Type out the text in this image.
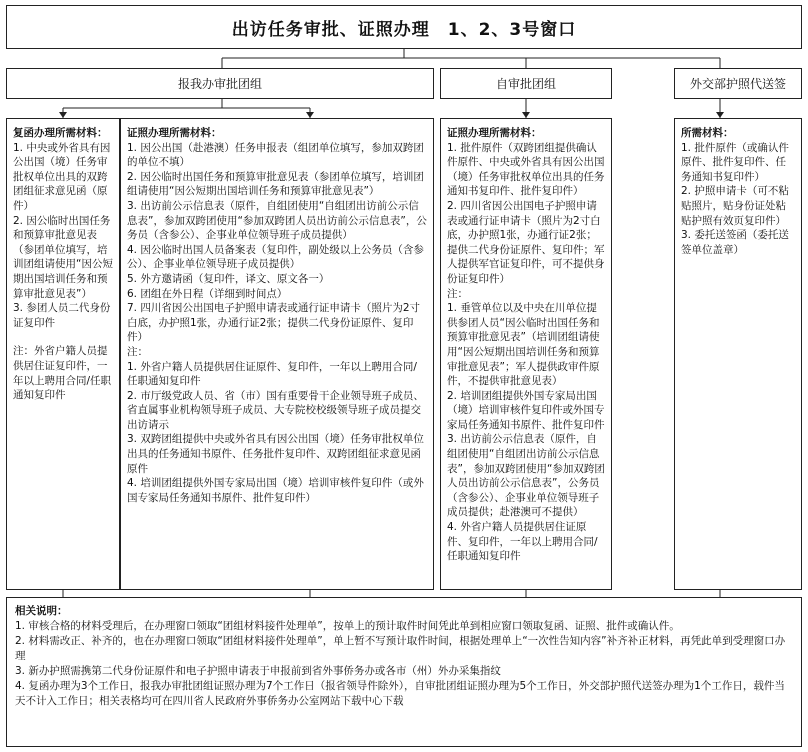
出访任务审批、证照办理　1、2、3号窗口
报我办审批团组	自审批团组	外交部护照代送签

复函办理所需材料：

1. 中央或外省具有因公出国（境）任务审批权单位出具的双跨团组征求意见函（原件）

2. 因公临时出国任务和预算审批意见表（参团单位填写，培训团组请使用“因公短期出国培训任务和预算审批意见表”）

3. 参团人员二代身份证复印件

注：外省户籍人员提供居住证复印件，一年以上聘用合同/任职通知复印件

证照办理所需材料：

1. 因公出国（赴港澳）任务申报表（组团单位填写，参加双跨团的单位不填）

2. 因公临时出国任务和预算审批意见表（参团单位填写，培训团组请使用“因公短期出国培训任务和预算审批意见表”）

3. 出访前公示信息表（原件，自组团使用“自组团出访前公示信息表”，参加双跨团使用“参加双跨团人员出访前公示信息表”，公务员（含参公）、企事业单位领导班子成员提供）

4. 因公临时出国人员备案表（复印件，副处级以上公务员（含参公）、企事业单位领导班子成员提供）

5. 外方邀请函（复印件，译文、原文各一）

6. 团组在外日程（详细到时间点）

7. 四川省因公出国电子护照申请表或通行证申请卡（照片为2寸白底，办护照1张，办通行证2张；提供二代身份证原件、复印件）

注：

1. 外省户籍人员提供居住证原件、复印件，一年以上聘用合同/任职通知复印件

2. 市厅级党政人员、省（市）国有重要骨干企业领导班子成员、省直属事业机构领导班子成员、大专院校校级领导班子成员提交出访请示

3. 双跨团组提供中央或外省具有因公出国（境）任务审批权单位出具的任务通知书原件、任务批件复印件、双跨团组征求意见函原件

4. 培训团组提供外国专家局出国（境）培训审核件复印件（或外国专家局任务通知书原件、批件复印件）

证照办理所需材料：

1. 批件原件（双跨团组提供确认件原件、中央或外省具有因公出国（境）任务审批权单位出具的任务通知书复印件、批件复印件）

2. 四川省因公出国电子护照申请表或通行证申请卡（照片为2寸白底，办护照1张，办通行证2张；提供二代身份证原件、复印件；军人提供军官证复印件，可不提供身份证复印件）

注：

1. 垂管单位以及中央在川单位提供参团人员“因公临时出国任务和预算审批意见表”（培训团组请使用“因公短期出国培训任务和预算审批意见表”；军人提供政审件原件，不提供审批意见表）

2. 培训团组提供外国专家局出国（境）培训审核件复印件或外国专家局任务通知书原件、批件复印件

3. 出访前公示信息表（原件，自组团使用“自组团出访前公示信息表”，参加双跨团使用“参加双跨团人员出访前公示信息表”，公务员（含参公）、企事业单位领导班子成员提供；赴港澳可不提供）

4. 外省户籍人员提供居住证原件、复印件，一年以上聘用合同/任职通知复印件

所需材料：

1. 批件原件（或确认件原件、批件复印件、任务通知书复印件）

2. 护照申请卡（可不粘贴照片，贴身份证处粘贴护照有效页复印件）

3. 委托送签函（委托送签单位盖章）

相关说明：

1. 审核合格的材料受理后，在办理窗口领取“团组材料接件处理单”，按单上的预计取件时间凭此单到相应窗口领取复函、证照、批件或确认件。

2. 材料需改正、补齐的，也在办理窗口领取“团组材料接件处理单”，单上暂不写预计取件时间，根据处理单上“一次性告知内容”补齐补正材料，再凭此单到受理窗口办理

3. 新办护照需携第二代身份证原件和电子护照申请表于申报前到省外事侨务办或各市（州）外办采集指纹

4. 复函办理为3个工作日，报我办审批团组证照办理为7个工作日（报省领导件除外），自审批团组证照办理为5个工作日，外交部护照代送签办理为1个工作日，载件当天不计入工作日；相关表格均可在四川省人民政府外事侨务办公室网站下载中心下载
